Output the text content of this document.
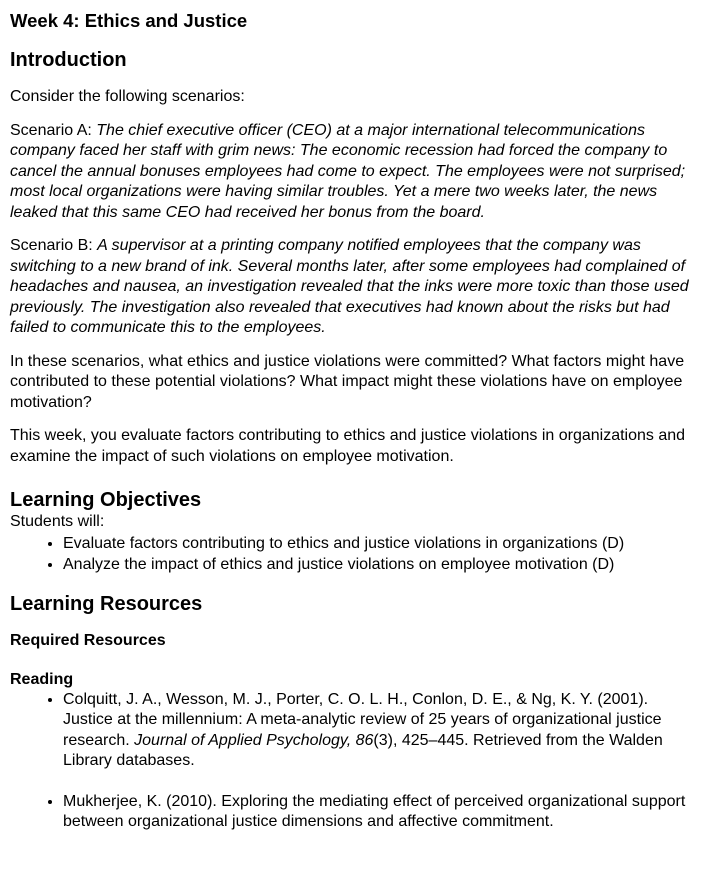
Week 4: Ethics and Justice
Introduction

Consider the following scenarios:

Scenario A: The chief executive officer (CEO) at a major international telecommunications company faced her staff with grim news: The economic recession had forced the company to cancel the annual bonuses employees had come to expect. The employees were not surprised; most local organizations were having similar troubles. Yet a mere two weeks later, the news leaked that this same CEO had received her bonus from the board.

Scenario B: A supervisor at a printing company notified employees that the company was switching to a new brand of ink. Several months later, after some employees had complained of headaches and nausea, an investigation revealed that the inks were more toxic than those used previously. The investigation also revealed that executives had known about the risks but had failed to communicate this to the employees.

In these scenarios, what ethics and justice violations were committed? What factors might have contributed to these potential violations? What impact might these violations have on employee motivation?

This week, you evaluate factors contributing to ethics and justice violations in organizations and examine the impact of such violations on employee motivation.

Learning Objectives
Students will:
• Evaluate factors contributing to ethics and justice violations in organizations (D)
• Analyze the impact of ethics and justice violations on employee motivation (D)
Learning Resources
Required Resources
Reading
• Colquitt, J. A., Wesson, M. J., Porter, C. O. L. H., Conlon, D. E., & Ng, K. Y. (2001). Justice at the millennium: A meta-analytic review of 25 years of organizational justice research. Journal of Applied Psychology, 86(3), 425–445. Retrieved from the Walden Library databases.
• Mukherjee, K. (2010). Exploring the mediating effect of perceived organizational support between organizational justice dimensions and affective commitment.
